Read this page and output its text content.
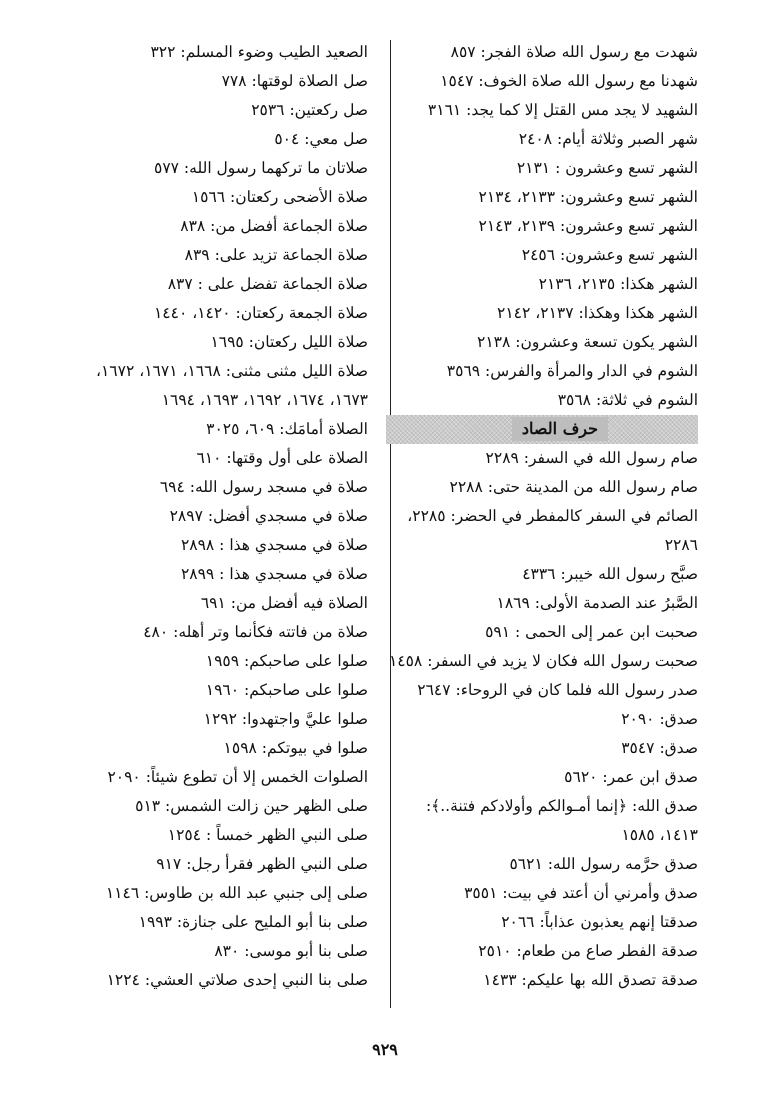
شهدت مع رسول الله صلاة الفجر: ٨٥٧
شهدنا مع رسول الله صلاة الخوف: ١٥٤٧
الشهيد لا يجد مس القتل إلا كما يجد: ٣١٦١
شهر الصبر وثلاثة أيام: ٢٤٠٨
الشهر تسع وعشرون : ٢١٣١
الشهر تسع وعشرون: ٢١٣٣، ٢١٣٤
الشهر تسع وعشرون: ٢١٣٩، ٢١٤٣
الشهر تسع وعشرون: ٢٤٥٦
الشهر هكذا: ٢١٣٥، ٢١٣٦
الشهر هكذا وهكذا: ٢١٣٧، ٢١٤٢
الشهر يكون تسعة وعشرون: ٢١٣٨
الشوم في الدار والمرأة والفرس: ٣٥٦٩
الشوم في ثلاثة: ٣٥٦٨
حرف الصاد
صام رسول الله في السفر: ٢٢٨٩
صام رسول الله من المدينة حتى: ٢٢٨٨
الصائم في السفر كالمفطر في الحضر: ٢٢٨٥،
٢٢٨٦
صبَّح رسول الله خيبر: ٤٣٣٦
الصَّبرُ عند الصدمة الأولى: ١٨٦٩
صحبت ابن عمر إلى الحمى : ٥٩١
صحبت رسول الله فكان لا يزيد في السفر: ١٤٥٨
صدر رسول الله فلما كان في الروحاء: ٢٦٤٧
صدق: ٢٠٩٠
صدق: ٣٥٤٧
صدق ابن عمر: ٥٦٢٠
صدق الله: ﴿إنما أمـوالكم وأولادكم فتنة..﴾:
١٤١٣، ١٥٨٥
صدق حرَّمه رسول الله: ٥٦٢١
صدق وأمرني أن أعتد في بيت: ٣٥٥١
صدقتا إنهم يعذبون عذاباً: ٢٠٦٦
صدقة الفطر صاع من طعام: ٢٥١٠
صدقة تصدق الله بها عليكم: ١٤٣٣
الصعيد الطيب وضوء المسلم: ٣٢٢
صل الصلاة لوقتها: ٧٧٨
صل ركعتين: ٢٥٣٦
صل معي: ٥٠٤
صلاتان ما تركهما رسول الله: ٥٧٧
صلاة الأضحى ركعتان: ١٥٦٦
صلاة الجماعة أفضل من: ٨٣٨
صلاة الجماعة تزيد على: ٨٣٩
صلاة الجماعة تفضل على : ٨٣٧
صلاة الجمعة ركعتان: ١٤٢٠، ١٤٤٠
صلاة الليل ركعتان: ١٦٩٥
صلاة الليل مثنى مثنى: ١٦٦٨، ١٦٧١، ١٦٧٢،
١٦٧٣، ١٦٧٤، ١٦٩٢، ١٦٩٣، ١٦٩٤
الصلاة أمامَك: ٦٠٩، ٣٠٢٥
الصلاة على أول وقتها: ٦١٠
صلاة في مسجد رسول الله: ٦٩٤
صلاة في مسجدي أفضل: ٢٨٩٧
صلاة في مسجدي هذا : ٢٨٩٨
صلاة في مسجدي هذا : ٢٨٩٩
الصلاة فيه أفضل من: ٦٩١
صلاة من فاتته فكأنما وتر أهله: ٤٨٠
صلوا على صاحبكم: ١٩٥٩
صلوا على صاحبكم: ١٩٦٠
صلوا عليَّ واجتهدوا: ١٢٩٢
صلوا في بيوتكم: ١٥٩٨
الصلوات الخمس إلا أن تطوع شيئاً: ٢٠٩٠
صلى الظهر حين زالت الشمس: ٥١٣
صلى النبي الظهر خمساً : ١٢٥٤
صلى النبي الظهر فقرأ رجل: ٩١٧
صلى إلى جنبي عبد الله بن طاوس: ١١٤٦
صلى بنا أبو المليح على جنازة: ١٩٩٣
صلى بنا أبو موسى: ٨٣٠
صلى بنا النبي إحدى صلاتي العشي: ١٢٢٤
٩٢٩
